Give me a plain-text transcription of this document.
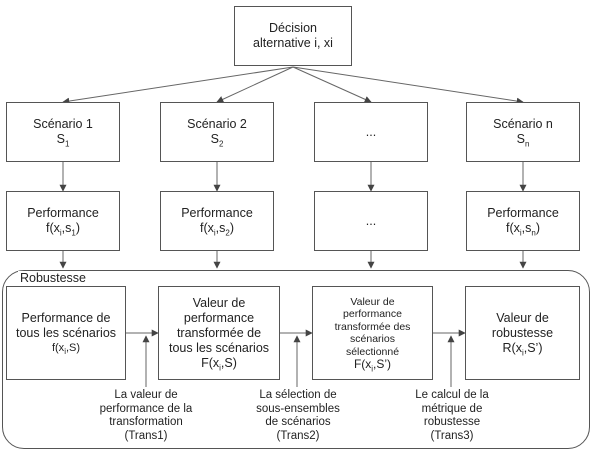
Décision
alternative i, xi
Scénario 1
$S_1$
Scénario 2
$S_2$
...
Scénario n
$S_n$
Performance
$f(x_i,s_1)$
Performance
$f(x_i,s_2)$
...
Performance
$f(x_i,s_n)$
Robustesse
Performance de
tous les scénarios
$f(x_i,S)$
Valeur de
performance
transformée de
tous les scénarios
$F(x_i,S)$
Valeur de
performance
transformée des
scénarios
sélectionné
$F(x_i,S’)$
Valeur de
robustesse
$R(x_i,S’)$
La valeur de
performance de la
transformation
(Trans1)
La sélection de
sous-ensembles
de scénarios
(Trans2)
Le calcul de la
métrique de
robustesse
(Trans3)
